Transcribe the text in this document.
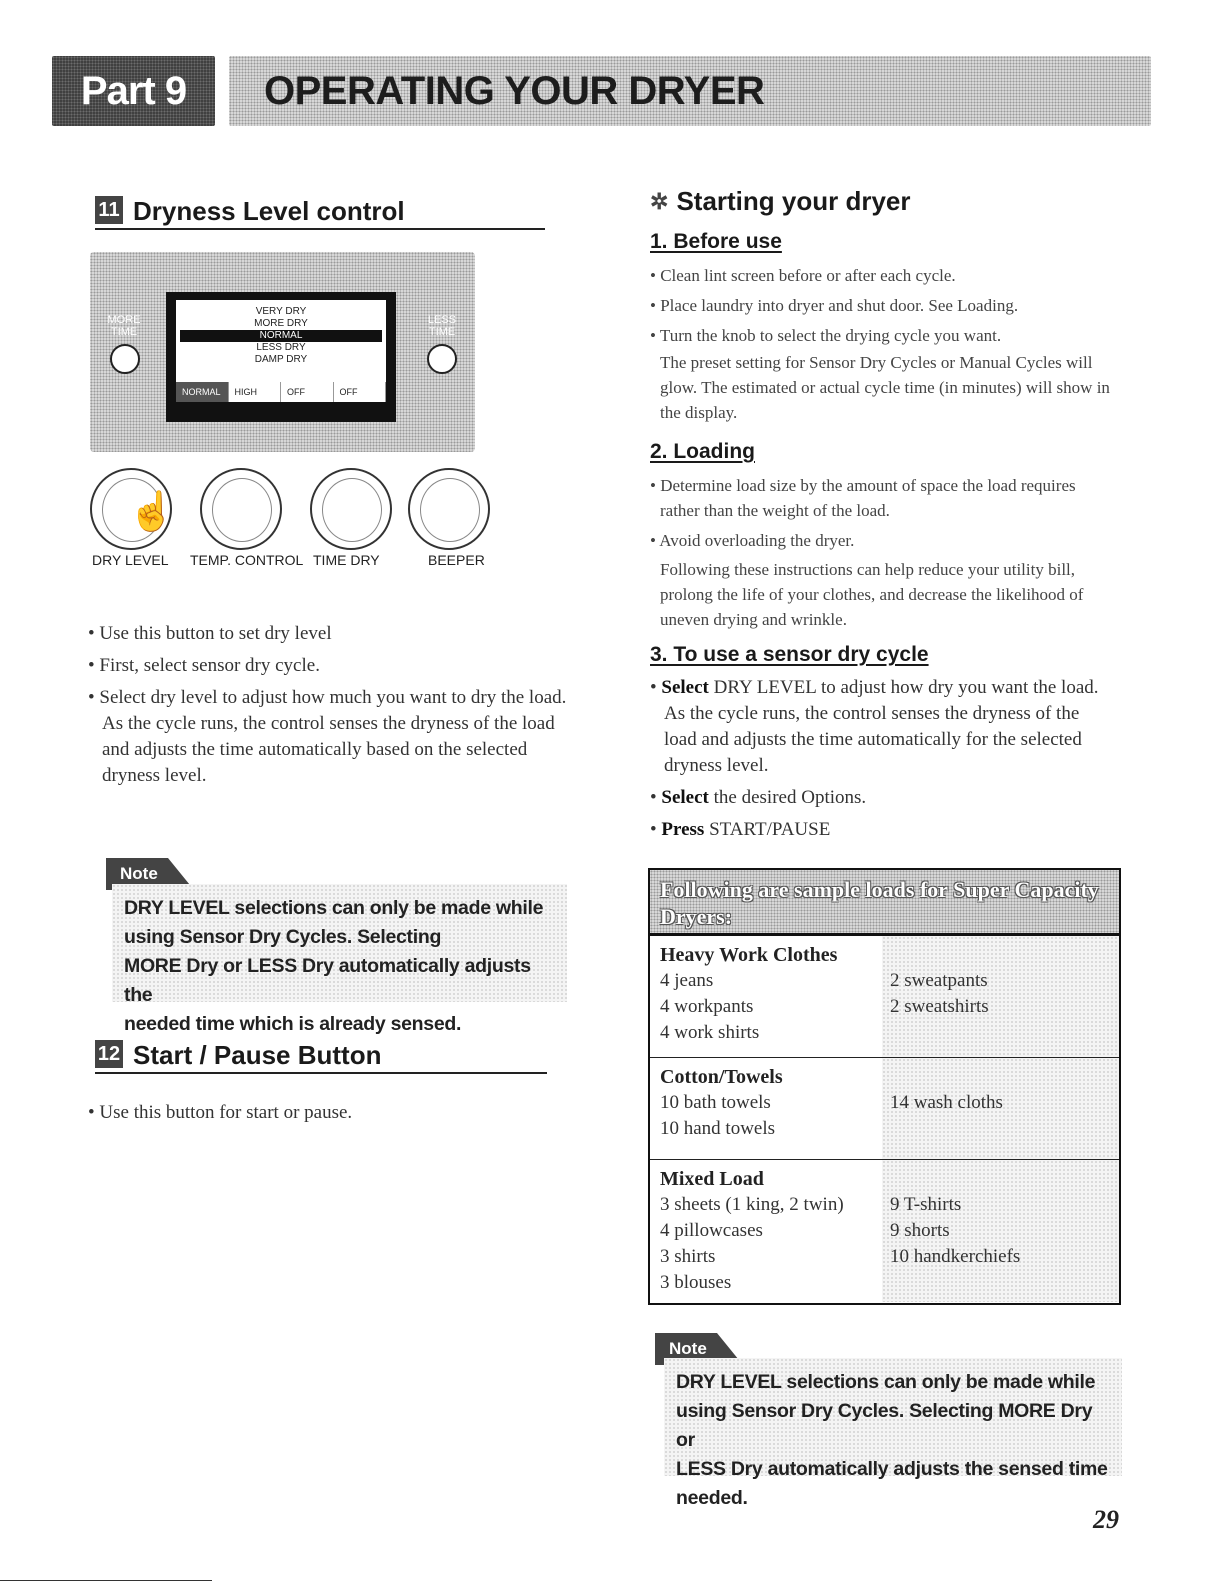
Part 9 OPERATING YOUR DRYER
11 Dryness Level control
MORE
TIME
VERY DRY
MORE DRY
NORMAL
LESS DRY
DAMP DRY
NORMAL	HIGH	OFF	OFF
LESS
TIME
☝
DRY LEVEL TEMP. CONTROL TIME DRY	BEEPER
• Use this button to set dry level
• First, select sensor dry cycle.
• Select dry level to adjust how much you want to dry the load. As the cycle runs, the control senses the dryness of the load and adjusts the time automatically based on the selected dryness level.
Note
DRY LEVEL selections can only be made while
using Sensor Dry Cycles. Selecting
MORE Dry or LESS Dry automatically adjusts the
needed time which is already sensed.
12 Start / Pause Button
• Use this button for start or pause.
✲ Starting your dryer
1. Before use
• Clean lint screen before or after each cycle.
• Place laundry into dryer and shut door. See Loading.
• Turn the knob to select the drying cycle you want.
The preset setting for Sensor Dry Cycles or Manual Cycles will glow. The estimated or actual cycle time (in minutes) will show in the display.
2. Loading
• Determine load size by the amount of space the load requires rather than the weight of the load.
• Avoid overloading the dryer.
Following these instructions can help reduce your utility bill, prolong the life of your clothes, and decrease the likelihood of uneven drying and wrinkle.
3. To use a sensor dry cycle
• Select DRY LEVEL to adjust how dry you want the load. As the cycle runs, the control senses the dryness of the load and adjusts the time automatically for the selected dryness level.
• Select the desired Options.
• Press START/PAUSE
Following are sample loads for Super Capacity
Dryers:
Heavy Work Clothes
4 jeans	2 sweatpants
4 workpants	2 sweatshirts
4 work shirts
Cotton/Towels
10 bath towels	14 wash cloths
10 hand towels
Mixed Load
3 sheets (1 king, 2 twin)	9 T-shirts
4 pillowcases	9 shorts
3 shirts	10 handkerchiefs
3 blouses
Note
DRY LEVEL selections can only be made while
using Sensor Dry Cycles. Selecting MORE Dry or
LESS Dry automatically adjusts the sensed time
needed.
29
